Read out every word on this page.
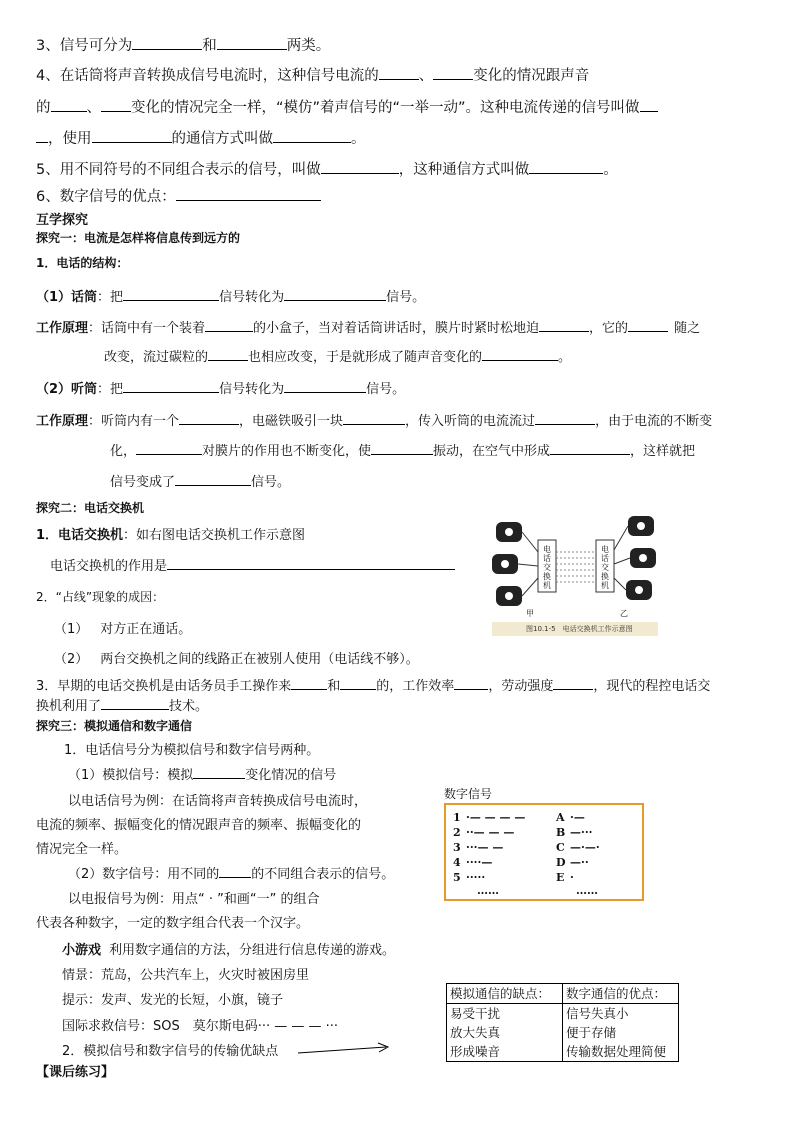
3、信号可分为	和	两类。
4、在话筒将声音转换成信号电流时，这种信号电流的	、	变化的情况跟声音
的 、 变化的情况完全一样，“模仿”着声信号的“一举一动”。这种电流传递的信号叫做
，使用	的通信方式叫做	。
5、用不同符号的不同组合表示的信号，叫做	，这种通信方式叫做	。
6、数字信号的优点：
互学探究
探究一：电流是怎样将信息传到远方的
1．电话的结构：
（1）话筒：把	信号转化为	信号。
工作原理：话筒中有一个装着	的小盒子，当对着话筒讲话时，膜片时紧时松地迫	，它的	随之
改变，流过碳粒的	也相应改变，于是就形成了随声音变化的	。
（2）听筒：把	信号转化为	信号。
工作原理：听筒内有一个	，电磁铁吸引一块	，传入听筒的电流流过	，由于电流的不断变
化，	对膜片的作用也不断变化，使	振动，在空气中形成	，这样就把
信号变成了	信号。
探究二：电话交换机
1．电话交换机：如右图电话交换机工作示意图
电话交换机的作用是
2．“占线”现象的成因：
（1） 对方正在通话。
（2） 两台交换机之间的线路正在被别人使用（电话线不够）。
3．早期的电话交换机是由话务员手工操作来	和	的，工作效率	，劳动强度	，现代的程控电话交
换机利用了	技术。
电话交换机
电话交换机
甲	乙
图10.1-5　电话交换机工作示意图
探究三：模拟通信和数字通信
1．电话信号分为模拟信号和数字信号两种。
（1）模拟信号：模拟	变化情况的信号
以电话信号为例：在话筒将声音转换成信号电流时，
电流的频率、振幅变化的情况跟声音的频率、振幅变化的
情况完全一样。
（2）数字信号：用不同的 的不同组合表示的信号。
以电报信号为例：用点“ · ”和画“一” 的组合
代表各种数字，一定的数字组合代表一个汉字。
小游戏 利用数字通信的方法，分组进行信息传递的游戏。
情景：荒岛，公共汽车上，火灾时被困房里
提示：发声、发光的长短，小旗，镜子
国际求救信号：SOS　莫尔斯电码··· — — — ···
2．模拟信号和数字信号的传输优缺点
数字信号
1 ·— — — —	A ·—
2 ··— — —	B —···
3 ···— —	C —·—·
4 ····—	D —··
5 ·····	E ·
……	……
模拟通信的缺点：	数字通信的优点：
易受干扰	信号失真小
放大失真	便于存储
形成噪音	传输数据处理简便
【课后练习】
